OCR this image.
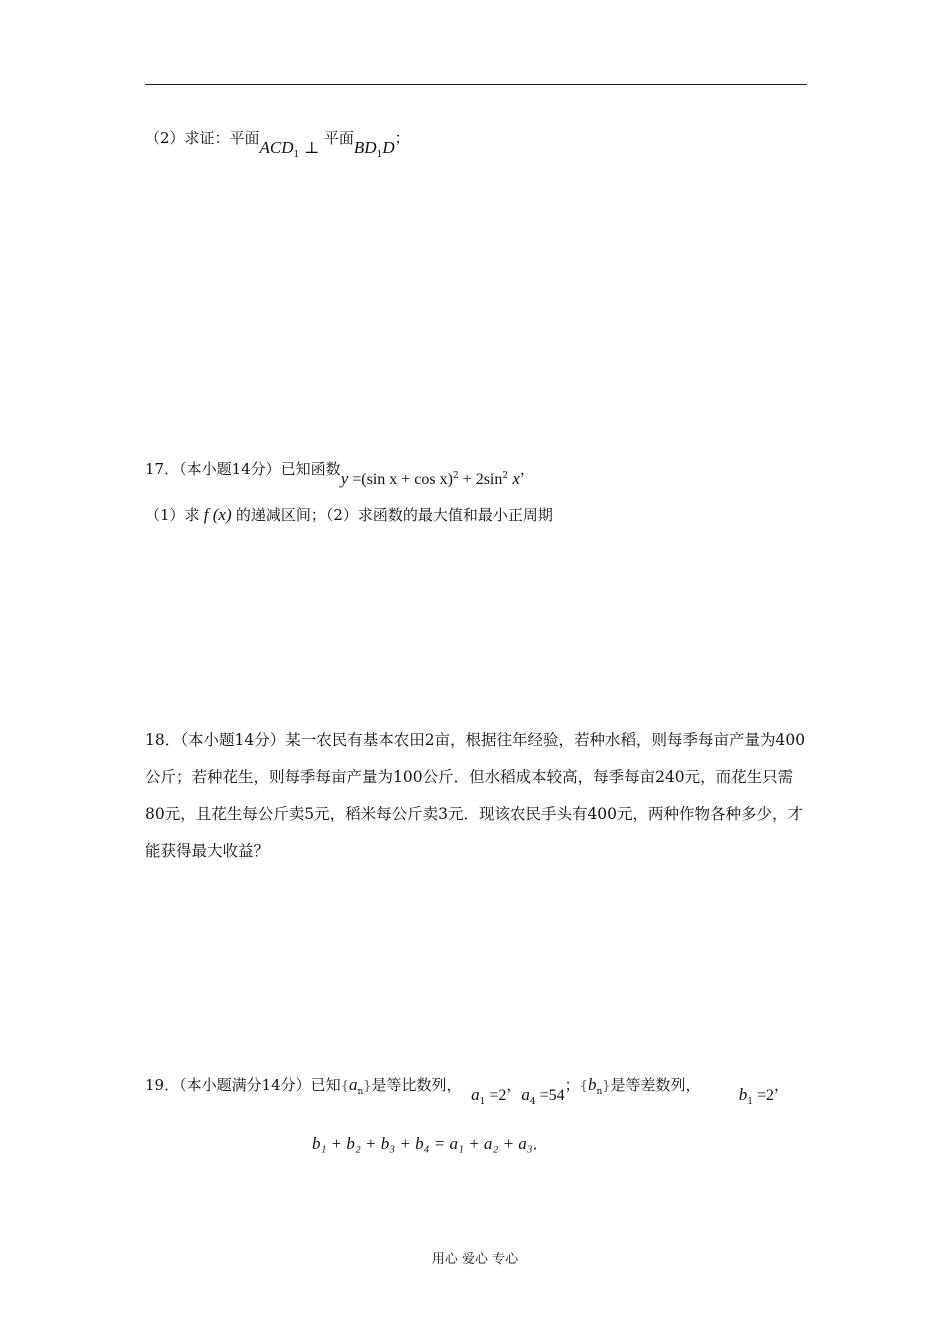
（2）求证：平面$ACD_1$ ⊥ 平面$BD_1D$；
17．（本小题14分）已知函数y =(sin $x + \cos x)^2 + 2\sin^2$ x，
（1）求 f (x) 的递减区间；（2）求函数的最大值和最小正周期
18．（本小题14分）某一农民有基本农田2亩，根据往年经验，若种水稻，则每季每亩产量为400公斤；若种花生，则每季每亩产量为100公斤．但水稻成本较高，每季每亩240元，而花生只需80元，且花生每公斤卖5元，稻米每公斤卖3元．现该农民手头有400元，两种作物各种多少，才能获得最大收益？
19．（本小题满分14分）已知$\{a_n\}$是等比数列， $a_1 =2$，$a_4 =54$；$\{b_n\}$是等差数列， $b_1 =2$，
b₁ + b₂ + b₃ + b₄ = a₁ + a₂ + a₃．
用心 爱心 专心
